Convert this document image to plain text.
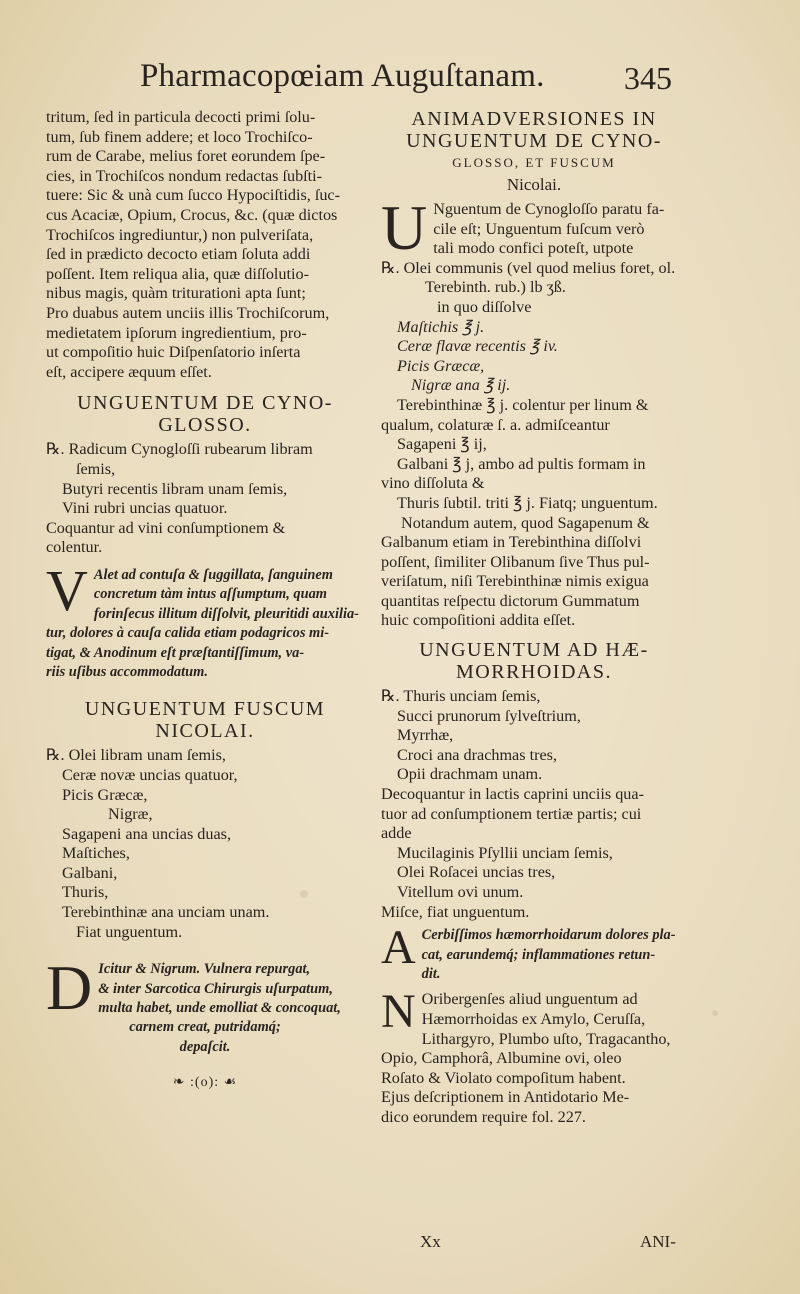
Pharmacopœiam Auguſtanam.	345

tritum, ſed in particula decocti primi ſolu-
tum, ſub finem addere; et loco Trochiſco-
rum de Carabe, melius foret eorundem ſpe-
cies, in Trochiſcos nondum redactas ſubſti-
tuere: Sic & unà cum ſucco Hypociſtidis, ſuc-
cus Acaciæ, Opium, Crocus, &c. (quæ dictos
Trochiſcos ingrediuntur,) non pulveriſata,
ſed in prædicto decocto etiam ſoluta addi
poſſent. Item reliqua alia, quæ diſſolutio-
nibus magis, quàm triturationi apta ſunt;
Pro duabus autem unciis illis Trochiſcorum,
medietatem ipſorum ingredientium, pro-
ut compoſitio huic Diſpenſatorio inſerta
eſt, accipere æquum eſſet.

UNGUENTUM DE CYNO-
GLOSSO.
℞. Radicum Cynogloſſi rubearum libram
ſemis,
Butyri recentis libram unam ſemis,
Vini rubri uncias quatuor.
Coquantur ad vini conſumptionem &
colentur.
V Alet ad contuſa & ſuggillata, ſanguinem
concretum tàm intus aſſumptum, quam
forinſecus illitum diſſolvit, pleuritidi auxilia-
tur, dolores à cauſa calida etiam podagricos mi-
tigat, & Anodinum eſt præſtantiſſimum, va-
riis uſibus accommodatum.
UNGUENTUM FUSCUM
NICOLAI.
℞. Olei libram unam ſemis,
Ceræ novæ uncias quatuor,
Picis Græcæ,
Nigræ,
Sagapeni ana uncias duas,
Maſtiches,
Galbani,
Thuris,
Terebinthinæ ana unciam unam.
Fiat unguentum.
D Icitur & Nigrum. Vulnera repurgat,
& inter Sarcotica Chirurgis uſurpatum,
multa habet, unde emolliat & concoquat,
carnem creat, putridamq́;
depaſcit.
❧ :(o): ☙
ANIMADVERSIONES IN
UNGUENTUM DE CYNO-
GLOSSO, ET FUSCUM
Nicolai.
U Nguentum de Cynogloſſo paratu fa-
cile eſt; Unguentum fuſcum verò
tali modo confici poteſt, utpote
℞. Olei communis (vel quod melius foret, ol.
Terebinth. rub.) lb ʒß.
in quo diſſolve
Maſtichis ℥ j.
Ceræ flavæ recentis ℥ iv.
Picis Græcæ,
Nigræ ana ℥ ij.
Terebinthinæ ℥ j. colentur per linum &
qualum, colaturæ ſ. a. admiſceantur
Sagapeni ℥ ij,
Galbani ℥ j, ambo ad pultis formam in
vino diſſoluta &
Thuris ſubtil. triti ℥ j. Fiatq; unguentum.
Notandum autem, quod Sagapenum &
Galbanum etiam in Terebinthina diſſolvi
poſſent, ſimiliter Olibanum ſive Thus pul-
veriſatum, niſi Terebinthinæ nimis exigua
quantitas reſpectu dictorum Gummatum
huic compoſitioni addita eſſet.
UNGUENTUM AD HÆ-
MORRHOIDAS.
℞. Thuris unciam ſemis,
Succi prunorum ſylveſtrium,
Myrrhæ,
Croci ana drachmas tres,
Opii drachmam unam.
Decoquantur in lactis caprini unciis qua-
tuor ad conſumptionem tertiæ partis; cui
adde
Mucilaginis Pſyllii unciam ſemis,
Olei Roſacei uncias tres,
Vitellum ovi unum.
Miſce, fiat unguentum.
A Cerbiſſimos hæmorrhoidarum dolores pla-
cat, earundemq́; inflammationes retun-
dit.
N Oribergenſes aliud unguentum ad
Hæmorrhoidas ex Amylo, Ceruſſa,
Lithargyro, Plumbo uſto, Tragacantho,
Opio, Camphorâ, Albumine ovi, oleo
Roſato & Violato compoſitum habent.
Ejus deſcriptionem in Antidotario Me-
dico eorundem require fol. 227.
Xx	ANI-
